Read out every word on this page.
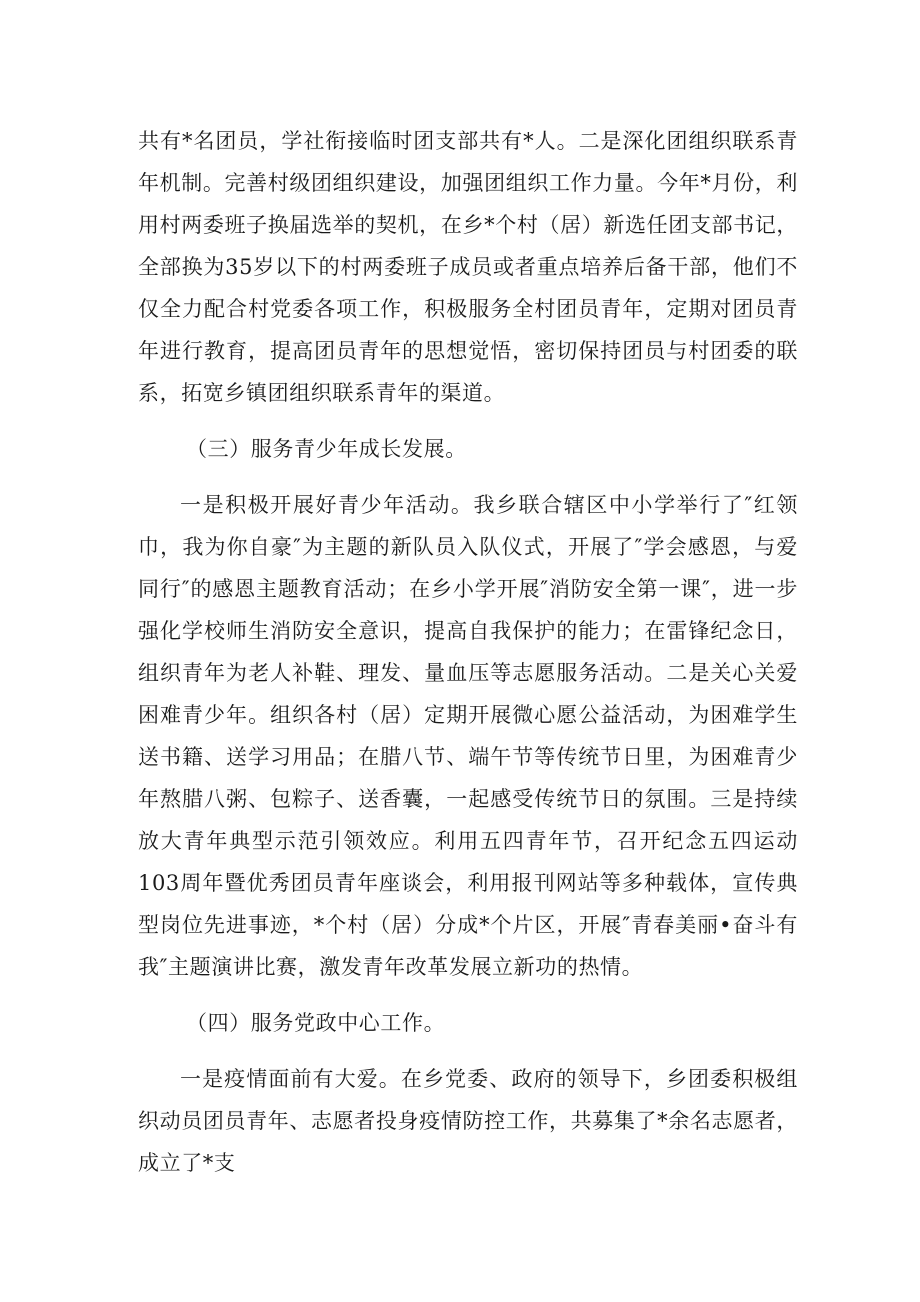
共有*名团员，学社衔接临时团支部共有*人。二是深化团组织联系青年机制。完善村级团组织建设，加强团组织工作力量。今年*月份，利用村两委班子换届选举的契机，在乡*个村（居）新选任团支部书记，全部换为35岁以下的村两委班子成员或者重点培养后备干部，他们不仅全力配合村党委各项工作，积极服务全村团员青年，定期对团员青年进行教育，提高团员青年的思想觉悟，密切保持团员与村团委的联系，拓宽乡镇团组织联系青年的渠道。

（三）服务青少年成长发展。

一是积极开展好青少年活动。我乡联合辖区中小学举行了″红领巾，我为你自豪″为主题的新队员入队仪式，开展了″学会感恩，与爱同行″的感恩主题教育活动；在乡小学开展″消防安全第一课″，进一步强化学校师生消防安全意识，提高自我保护的能力；在雷锋纪念日，组织青年为老人补鞋、理发、量血压等志愿服务活动。二是关心关爱困难青少年。组织各村（居）定期开展微心愿公益活动，为困难学生送书籍、送学习用品；在腊八节、端午节等传统节日里，为困难青少年熬腊八粥、包粽子、送香囊，一起感受传统节日的氛围。三是持续放大青年典型示范引领效应。利用五四青年节，召开纪念五四运动103周年暨优秀团员青年座谈会，利用报刊网站等多种载体，宣传典型岗位先进事迹，*个村（居）分成*个片区，开展″青春美丽•奋斗有我″主题演讲比赛，激发青年改革发展立新功的热情。

（四）服务党政中心工作。

一是疫情面前有大爱。在乡党委、政府的领导下，乡团委积极组织动员团员青年、志愿者投身疫情防控工作，共募集了*余名志愿者，成立了*支
